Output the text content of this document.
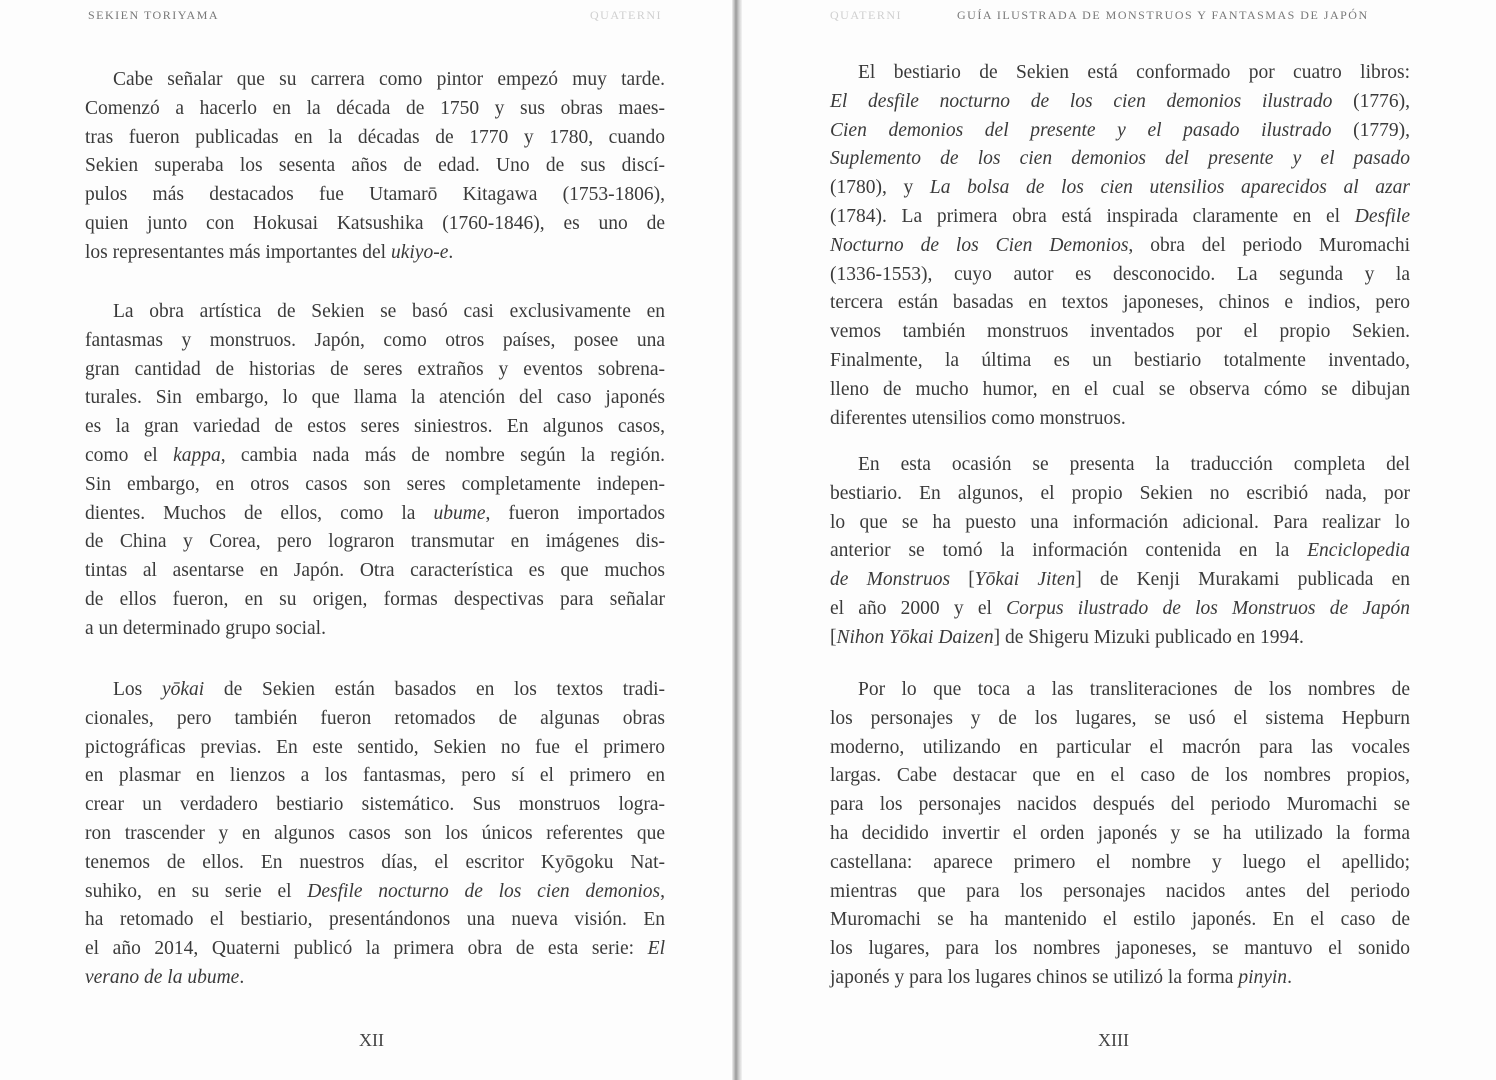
SEKIEN TORIYAMA	QUATERNI
Cabe señalar que su carrera como pintor empezó muy tarde.
Comenzó a hacerlo en la década de 1750 y sus obras maes-
tras fueron publicadas en la décadas de 1770 y 1780, cuando
Sekien superaba los sesenta años de edad. Uno de sus discí-
pulos más destacados fue Utamarō Kitagawa (1753-1806),
quien junto con Hokusai Katsushika (1760-1846), es uno de
los representantes más importantes del ukiyo-e.
La obra artística de Sekien se basó casi exclusivamente en
fantasmas y monstruos. Japón, como otros países, posee una
gran cantidad de historias de seres extraños y eventos sobrena-
turales. Sin embargo, lo que llama la atención del caso japonés
es la gran variedad de estos seres siniestros. En algunos casos,
como el kappa, cambia nada más de nombre según la región.
Sin embargo, en otros casos son seres completamente indepen-
dientes. Muchos de ellos, como la ubume, fueron importados
de China y Corea, pero lograron transmutar en imágenes dis-
tintas al asentarse en Japón. Otra característica es que muchos
de ellos fueron, en su origen, formas despectivas para señalar
a un determinado grupo social.
Los yōkai de Sekien están basados en los textos tradi-
cionales, pero también fueron retomados de algunas obras
pictográficas previas. En este sentido, Sekien no fue el primero
en plasmar en lienzos a los fantasmas, pero sí el primero en
crear un verdadero bestiario sistemático. Sus monstruos logra-
ron trascender y en algunos casos son los únicos referentes que
tenemos de ellos. En nuestros días, el escritor Kyōgoku Nat-
suhiko, en su serie el Desfile nocturno de los cien demonios,
ha retomado el bestiario, presentándonos una nueva visión. En
el año 2014, Quaterni publicó la primera obra de esta serie: El
verano de la ubume.
XII
QUATERNI	GUÍA ILUSTRADA DE MONSTRUOS Y FANTASMAS DE JAPÓN
El bestiario de Sekien está conformado por cuatro libros:
El desfile nocturno de los cien demonios ilustrado (1776),
Cien demonios del presente y el pasado ilustrado (1779),
Suplemento de los cien demonios del presente y el pasado
(1780), y La bolsa de los cien utensilios aparecidos al azar
(1784). La primera obra está inspirada claramente en el Desfile
Nocturno de los Cien Demonios, obra del periodo Muromachi
(1336-1553), cuyo autor es desconocido. La segunda y la
tercera están basadas en textos japoneses, chinos e indios, pero
vemos también monstruos inventados por el propio Sekien.
Finalmente, la última es un bestiario totalmente inventado,
lleno de mucho humor, en el cual se observa cómo se dibujan
diferentes utensilios como monstruos.
En esta ocasión se presenta la traducción completa del
bestiario. En algunos, el propio Sekien no escribió nada, por
lo que se ha puesto una información adicional. Para realizar lo
anterior se tomó la información contenida en la Enciclopedia
de Monstruos [Yōkai Jiten] de Kenji Murakami publicada en
el año 2000 y el Corpus ilustrado de los Monstruos de Japón
[Nihon Yōkai Daizen] de Shigeru Mizuki publicado en 1994.
Por lo que toca a las transliteraciones de los nombres de
los personajes y de los lugares, se usó el sistema Hepburn
moderno, utilizando en particular el macrón para las vocales
largas. Cabe destacar que en el caso de los nombres propios,
para los personajes nacidos después del periodo Muromachi se
ha decidido invertir el orden japonés y se ha utilizado la forma
castellana: aparece primero el nombre y luego el apellido;
mientras que para los personajes nacidos antes del periodo
Muromachi se ha mantenido el estilo japonés. En el caso de
los lugares, para los nombres japoneses, se mantuvo el sonido
japonés y para los lugares chinos se utilizó la forma pinyin.
XIII
